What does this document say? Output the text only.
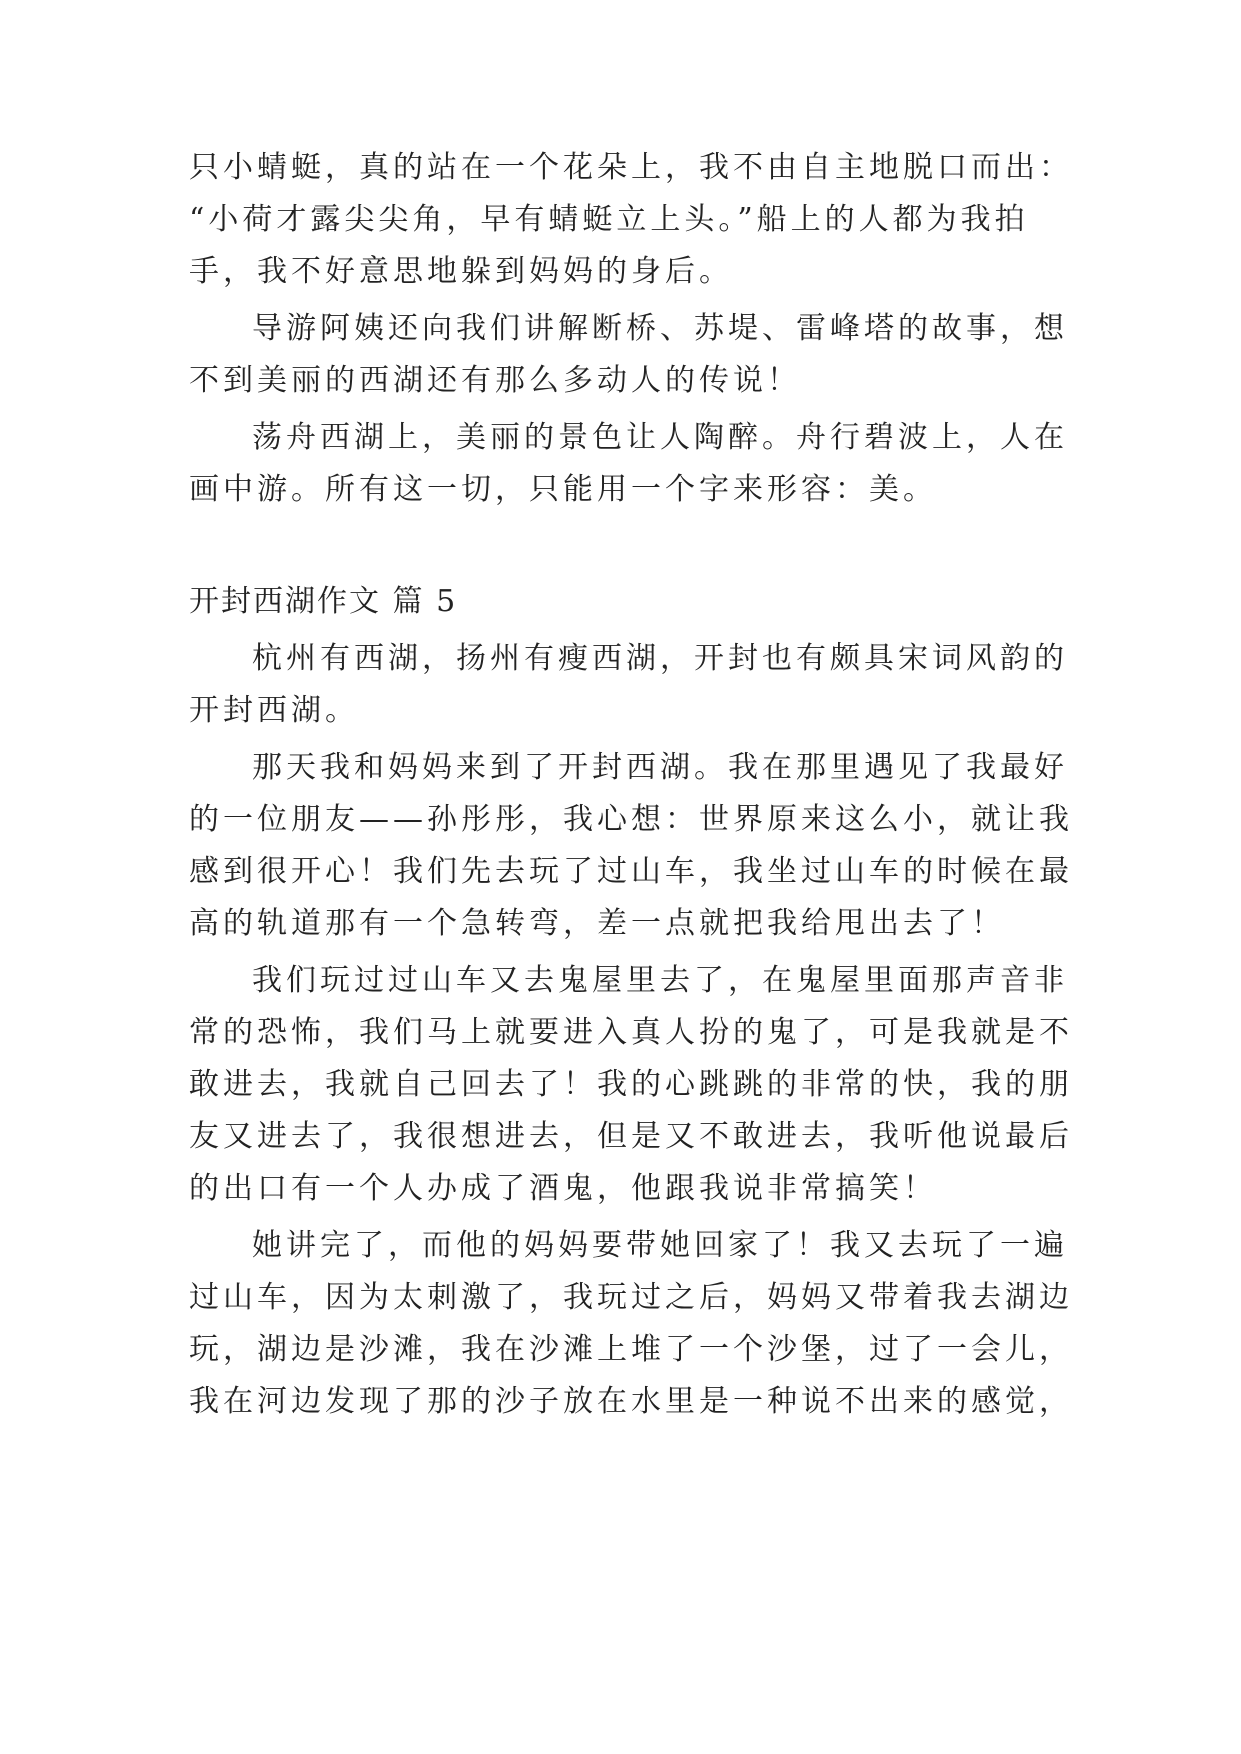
只小蜻蜓，真的站在一个花朵上，我不由自主地脱口而出：
“小荷才露尖尖角，早有蜻蜓立上头。”船上的人都为我拍
手，我不好意思地躲到妈妈的身后。
导游阿姨还向我们讲解断桥、苏堤、雷峰塔的故事，想
不到美丽的西湖还有那么多动人的传说！
荡舟西湖上，美丽的景色让人陶醉。舟行碧波上，人在
画中游。所有这一切，只能用一个字来形容：美。
开封西湖作文 篇 5
杭州有西湖，扬州有瘦西湖，开封也有颇具宋词风韵的
开封西湖。
那天我和妈妈来到了开封西湖。我在那里遇见了我最好
的一位朋友——孙彤彤，我心想：世界原来这么小，就让我
感到很开心！我们先去玩了过山车，我坐过山车的时候在最
高的轨道那有一个急转弯，差一点就把我给甩出去了！
我们玩过过山车又去鬼屋里去了，在鬼屋里面那声音非
常的恐怖，我们马上就要进入真人扮的鬼了，可是我就是不
敢进去，我就自己回去了！我的心跳跳的非常的快，我的朋
友又进去了，我很想进去，但是又不敢进去，我听他说最后
的出口有一个人办成了酒鬼，他跟我说非常搞笑！
她讲完了，而他的妈妈要带她回家了！我又去玩了一遍
过山车，因为太刺激了，我玩过之后，妈妈又带着我去湖边
玩，湖边是沙滩，我在沙滩上堆了一个沙堡，过了一会儿，
我在河边发现了那的沙子放在水里是一种说不出来的感觉，
